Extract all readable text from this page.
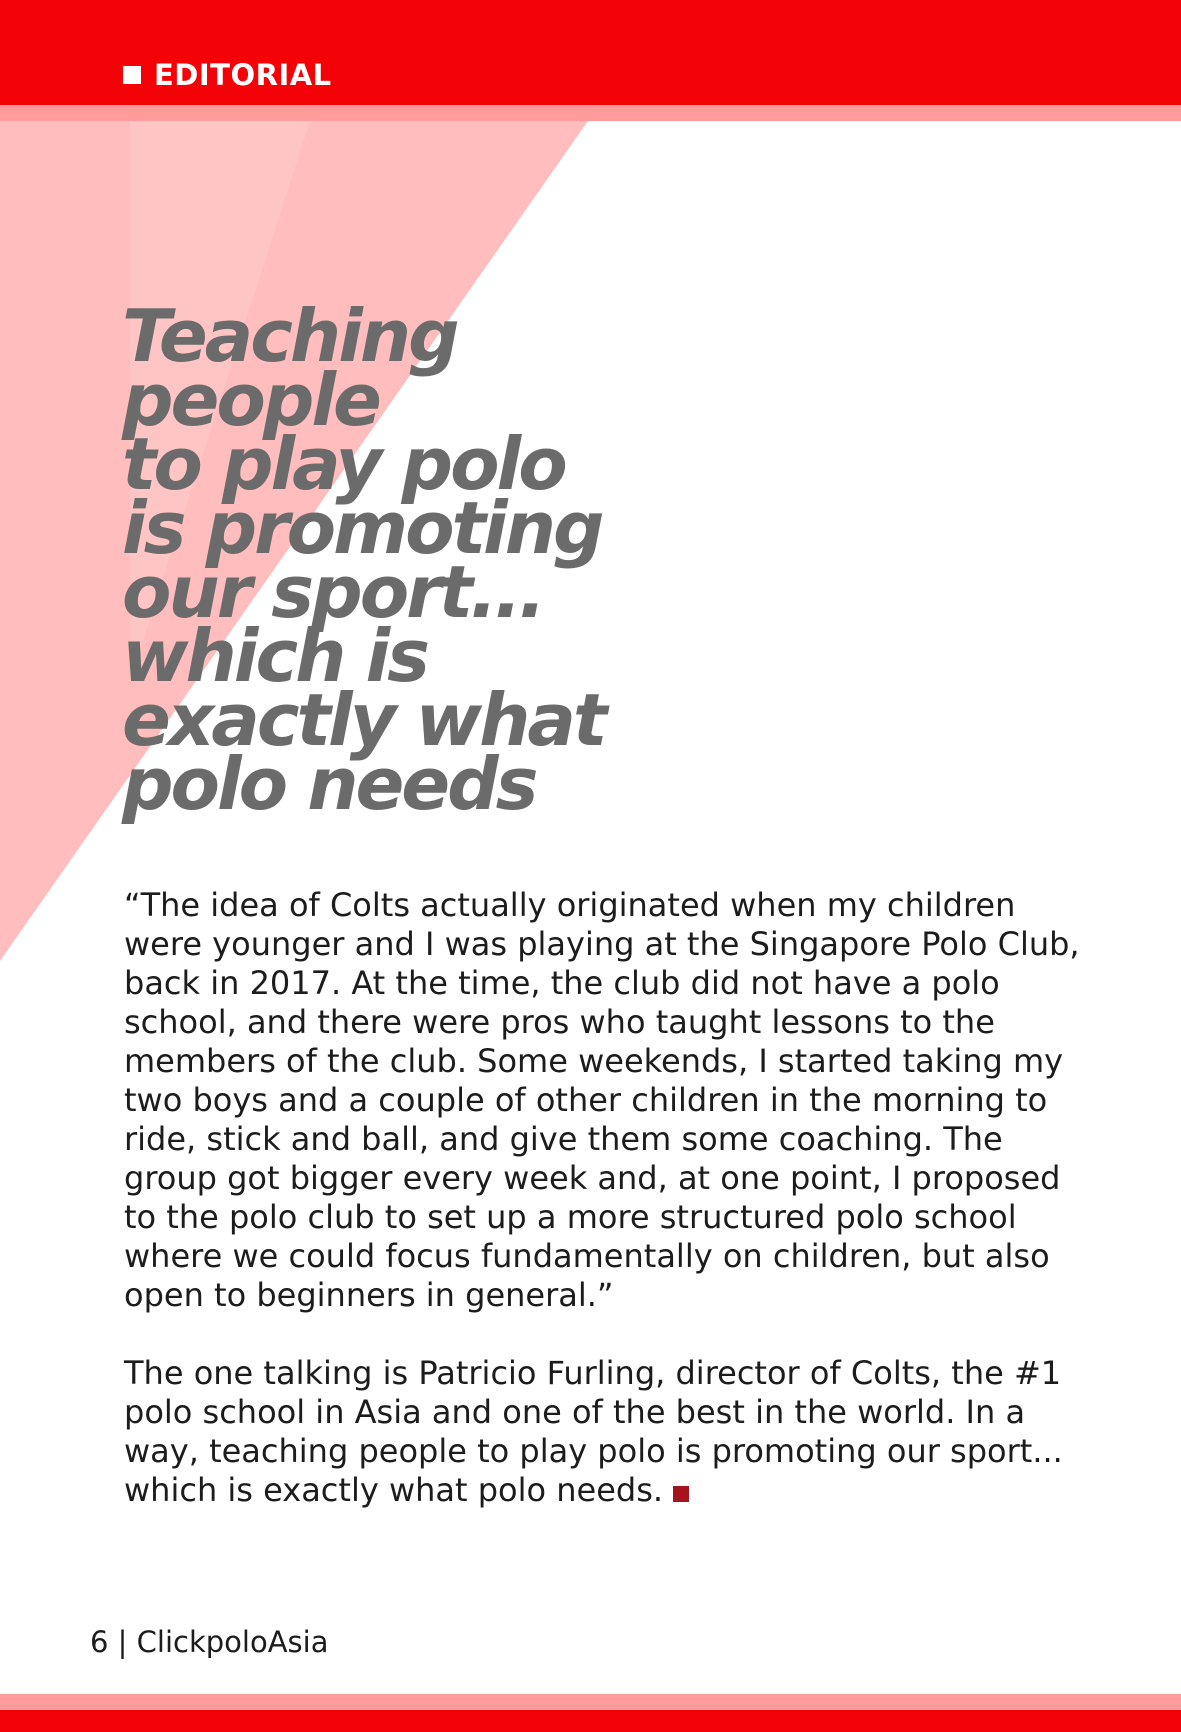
EDITORIAL
Teaching
people
to play polo
is promoting
our sport...
which is
exactly what
polo needs

“The idea of Colts actually originated when my children were younger and I was playing at the Singapore Polo Club, back in 2017. At the time, the club did not have a polo school, and there were pros who taught lessons to the members of the club. Some weekends, I started taking my two boys and a couple of other children in the morning to ride, stick and ball, and give them some coaching. The group got bigger every week and, at one point, I proposed to the polo club to set up a more structured polo school where we could focus fundamentally on children, but also open to beginners in general.”

The one talking is Patricio Furling, director of Colts, the #1 polo school in Asia and one of the best in the world. In a way, teaching people to play polo is promoting our sport... which is exactly what polo needs.

6 | ClickpoloAsia
